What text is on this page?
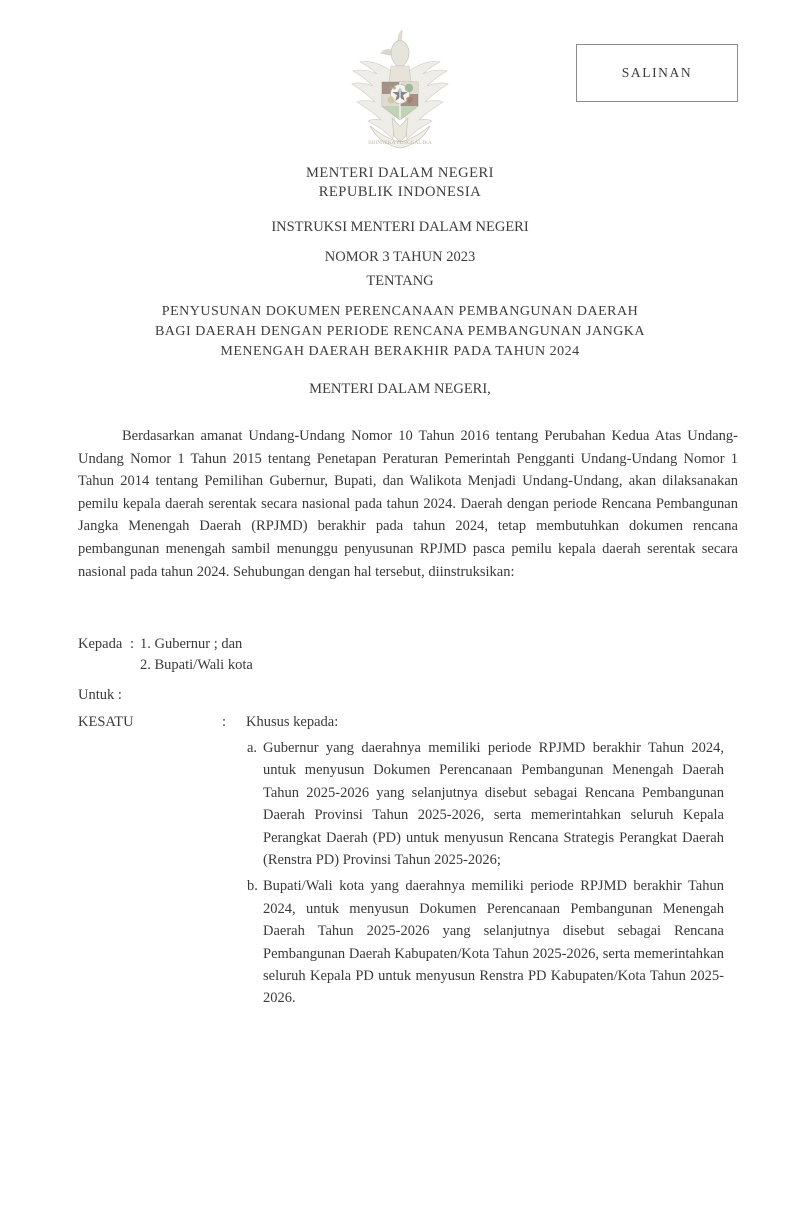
SALINAN
BHINNEKA TUNGGAL IKA
MENTERI DALAM NEGERI
REPUBLIK INDONESIA
INSTRUKSI MENTERI DALAM NEGERI
NOMOR 3 TAHUN 2023
TENTANG
PENYUSUNAN DOKUMEN PERENCANAAN PEMBANGUNAN DAERAH
BAGI DAERAH DENGAN PERIODE RENCANA PEMBANGUNAN JANGKA
MENENGAH DAERAH BERAKHIR PADA TAHUN 2024
MENTERI DALAM NEGERI,
Berdasarkan amanat Undang-Undang Nomor 10 Tahun 2016 tentang Perubahan Kedua Atas Undang-Undang Nomor 1 Tahun 2015 tentang Penetapan Peraturan Pemerintah Pengganti Undang-Undang Nomor 1 Tahun 2014 tentang Pemilihan Gubernur, Bupati, dan Walikota Menjadi Undang-Undang, akan dilaksanakan pemilu kepala daerah serentak secara nasional pada tahun 2024. Daerah dengan periode Rencana Pembangunan Jangka Menengah Daerah (RPJMD) berakhir pada tahun 2024, tetap membutuhkan dokumen rencana pembangunan menengah sambil menunggu penyusunan RPJMD pasca pemilu kepala daerah serentak secara nasional pada tahun 2024. Sehubungan dengan hal tersebut, diinstruksikan:
Kepada : 1. Gubernur ; dan
2. Bupati/Wali kota
Untuk :
KESATU	:	Khusus kepada:
a. Gubernur yang daerahnya memiliki periode RPJMD berakhir Tahun 2024, untuk menyusun Dokumen Perencanaan Pembangunan Menengah Daerah Tahun 2025-2026 yang selanjutnya disebut sebagai Rencana Pembangunan Daerah Provinsi Tahun 2025-2026, serta memerintahkan seluruh Kepala Perangkat Daerah (PD) untuk menyusun Rencana Strategis Perangkat Daerah (Renstra PD) Provinsi Tahun 2025-2026;
b. Bupati/Wali kota yang daerahnya memiliki periode RPJMD berakhir Tahun 2024, untuk menyusun Dokumen Perencanaan Pembangunan Menengah Daerah Tahun 2025-2026 yang selanjutnya disebut sebagai Rencana Pembangunan Daerah Kabupaten/Kota Tahun 2025-2026, serta memerintahkan seluruh Kepala PD untuk menyusun Renstra PD Kabupaten/Kota Tahun 2025-2026.
